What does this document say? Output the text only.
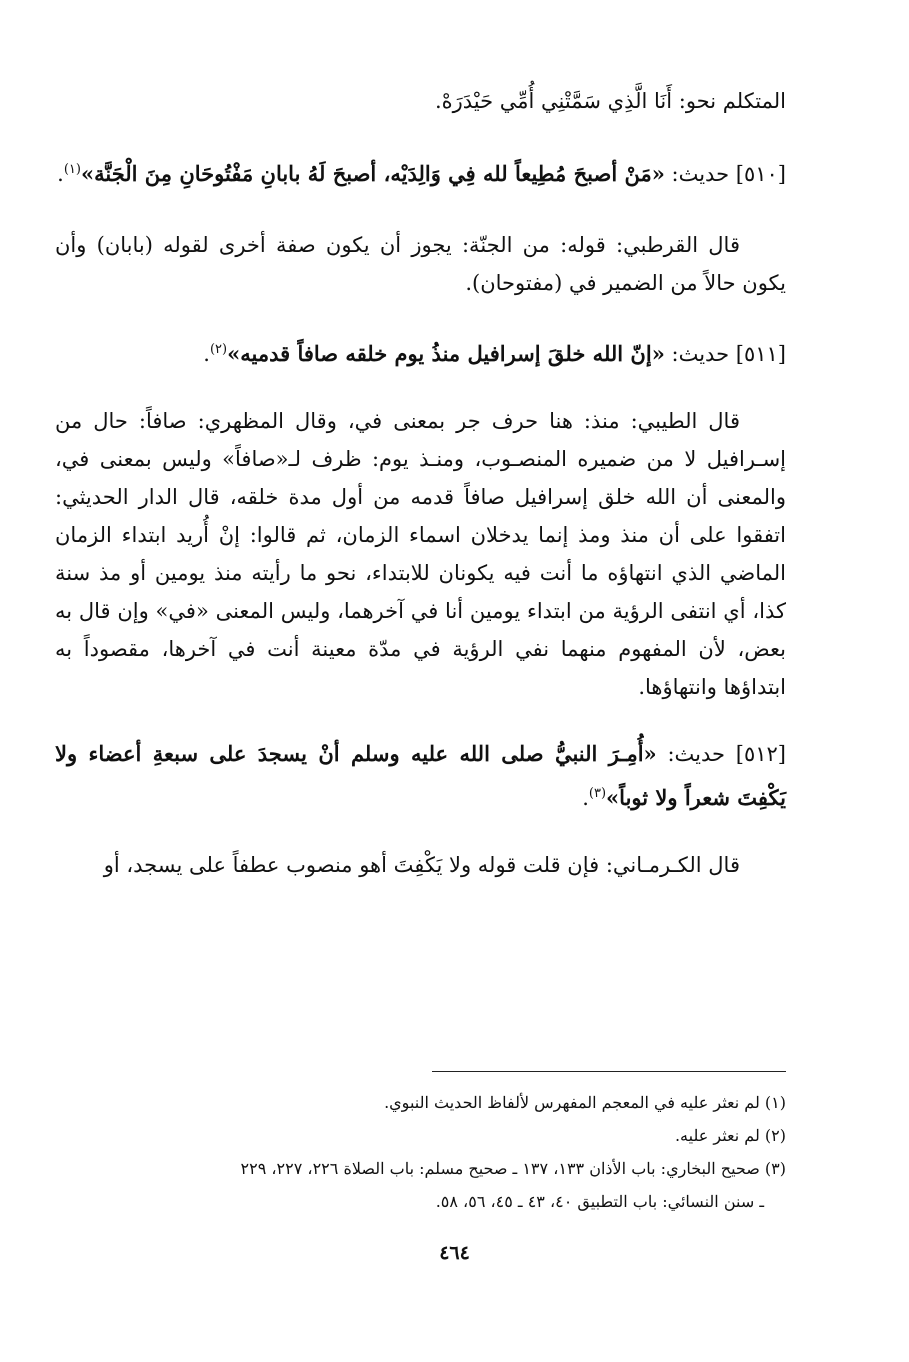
المتكلم نحو: أَنَا الَّذِي سَمَّتْنِي أُمِّي حَيْدَرَهْ.

[٥١٠] حديث: «مَنْ أصبحَ مُطِيعاً لله فِي وَالِدَيْه، أصبحَ لَهُ بابانِ مَفْتُوحَانِ مِنَ الْجَنَّة»$^{(١)}$.

قال القرطبي: قوله: من الجنّة: يجوز أن يكون صفة أخرى لقوله (بابان) وأن يكون حالاً من الضمير في (مفتوحان).

[٥١١] حديث: «إنّ الله خلقَ إسرافيل منذُ يوم خلقه صافاً قدميه»$^{(٢)}$.

قال الطيبي: منذ: هنا حرف جر بمعنى في، وقال المظهري: صافاً: حال من إسـرافيل لا من ضميره المنصـوب، ومنـذ يوم: ظرف لـ«صافاً» وليس بمعنى في، والمعنى أن الله خلق إسرافيل صافاً قدمه من أول مدة خلقه، قال الدار الحديثي: اتفقوا على أن منذ ومذ إنما يدخلان اسماء الزمان، ثم قالوا: إنْ أُريد ابتداء الزمان الماضي الذي انتهاؤه ما أنت فيه يكونان للابتداء، نحو ما رأيته منذ يومين أو مذ سنة كذا، أي انتفى الرؤية من ابتداء يومين أنا في آخرهما، وليس المعنى «في» وإن قال به بعض، لأن المفهوم منهما نفي الرؤية في مدّة معينة أنت في آخرها، مقصوداً به ابتداؤها وانتهاؤها.

[٥١٢] حديث: «أُمِـرَ النبيُّ صلى الله عليه وسلم أنْ يسجدَ على سبعةِ أعضاء ولا يَكْفِتَ شعراً ولا ثوباً»$^{(٣)}$.

قال الكـرمـاني: فإن قلت قوله ولا يَكْفِتَ أهو منصوب عطفاً على يسجد، أو

(١) لم نعثر عليه في المعجم المفهرس لألفاظ الحديث النبوي.

(٢) لم نعثر عليه.

(٣) صحيح البخاري: باب الأذان ١٣٣، ١٣٧ ـ صحيح مسلم: باب الصلاة ٢٢٦، ٢٢٧، ٢٢٩

ـ سنن النسائي: باب التطبيق ٤٠، ٤٣ ـ ٤٥، ٥٦، ٥٨.

٤٦٤
